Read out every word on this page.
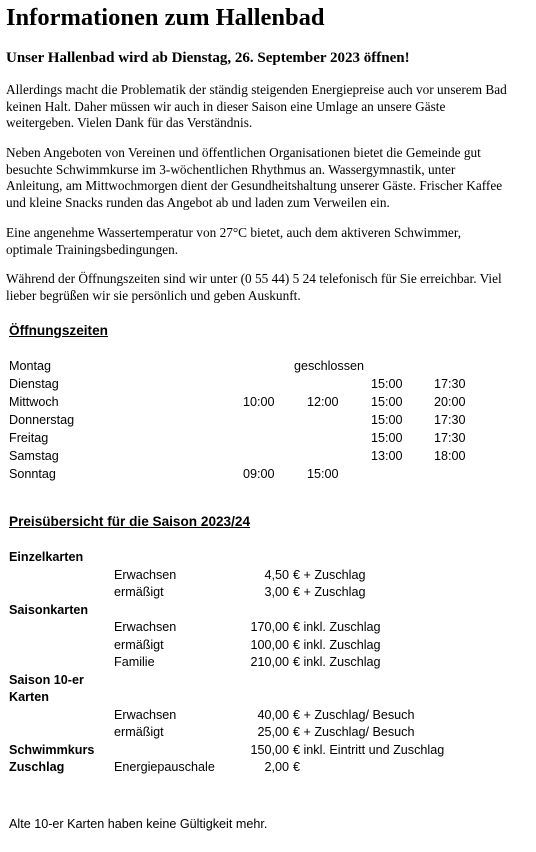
Informationen zum Hallenbad
Unser Hallenbad wird ab Dienstag, 26. September 2023 öffnen!
Allerdings macht die Problematik der ständig steigenden Energiepreise auch vor unserem Bad
keinen Halt. Daher müssen wir auch in dieser Saison eine Umlage an unsere Gäste
weitergeben. Vielen Dank für das Verständnis.
Neben Angeboten von Vereinen und öffentlichen Organisationen bietet die Gemeinde gut
besuchte Schwimmkurse im 3-wöchentlichen Rhythmus an. Wassergymnastik, unter
Anleitung, am Mittwochmorgen dient der Gesundheitshaltung unserer Gäste. Frischer Kaffee
und kleine Snacks runden das Angebot ab und laden zum Verweilen ein.
Eine angenehme Wassertemperatur von 27°C bietet, auch dem aktiveren Schwimmer,
optimale Trainingsbedingungen.
Während der Öffnungszeiten sind wir unter (0 55 44) 5 24 telefonisch für Sie erreichbar. Viel
lieber begrüßen wir sie persönlich und geben Auskunft.
Öffnungszeiten
Montag	geschlossen
Dienstag	15:00 17:30
Mittwoch	10:00	12:00	15:00 20:00
Donnerstag	15:00 17:30
Freitag	15:00 17:30
Samstag	13:00 18:00
Sonntag	09:00	15:00
Preisübersicht für die Saison 2023/24
Einzelkarten
Erwachsen	4,50 € + Zuschlag
ermäßigt	3,00 € + Zuschlag
Saisonkarten
Erwachsen	170,00 € inkl. Zuschlag
ermäßigt	100,00 € inkl. Zuschlag
Familie	210,00 € inkl. Zuschlag
Saison 10-er
Karten
Erwachsen	40,00 € + Zuschlag/ Besuch
ermäßigt	25,00 € + Zuschlag/ Besuch
Schwimmkurs	150,00 € inkl. Eintritt und Zuschlag
Zuschlag	Energiepauschale	2,00 €
Alte 10-er Karten haben keine Gültigkeit mehr.
